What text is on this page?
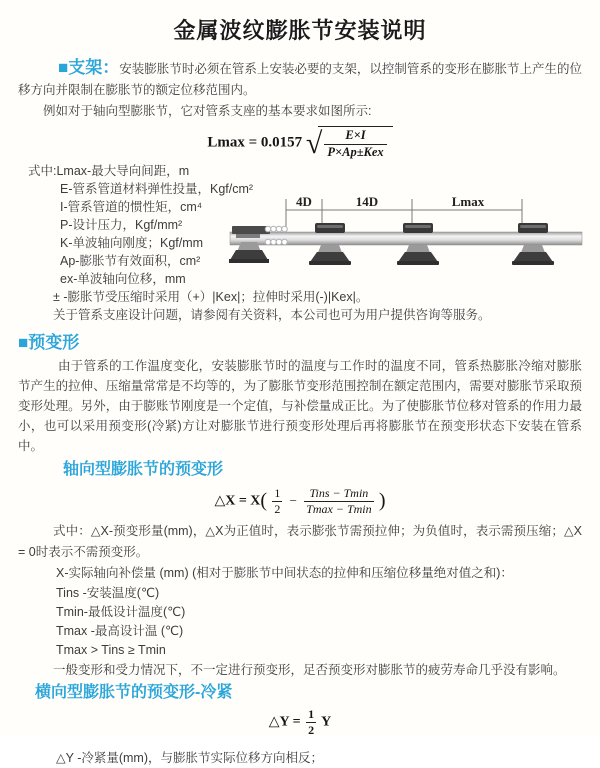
金属波纹膨胀节安装说明

■支架：安装膨胀节时必须在管系上安装必要的支架，以控制管系的变形在膨胀节上产生的位移方向并限制在膨胀节的额定位移范围内。

例如对于轴向型膨胀节，它对管系支座的基本要求如图所示:

Lmax = 0.0157 √ $\frac{E\times I}{\text{P×Ap±Kex}}$
式中:Lmax-最大导向间距，m
E-管系管道材料弹性投量，Kgf/cm²
I-管系管道的惯性矩，cm⁴
P-设计压力，Kgf/mm²
K-单波轴向刚度；Kgf/mm
Ap-膨胀节有效面积，cm²
ex-单波轴向位移，mm
± -膨胀节受压缩时采用（+）|Kex|；拉伸时采用(-)|Kex|。
关于管系支座设计问题，请参阅有关资料，本公司也可为用户提供咨询等服务。
4D	14D	Lmax
■预变形

由于管系的工作温度变化，安装膨胀节时的温度与工作时的温度不同，管系热膨胀冷缩对膨胀节产生的拉伸、压缩量常常是不均等的，为了膨胀节变形范围控制在额定范围内，需要对膨胀节采取预变形处理。另外，由于膨账节刚度是一个定值，与补偿量成正比。为了使膨胀节位移对管系的作用力最小，也可以采用预变形(冷紧)方让对膨胀节进行预变形处理后再将膨胀节在预变形状态下安装在管系中。

轴向型膨胀节的预变形
△X = $X( \frac{1}{2} - \frac{\text{Tins − Tmin}}{Tmax - Tmin}$ )

式中：△X-预变形量(mm)，△X为正值时，表示膨张节需预拉伸；为负值时，表示需预压缩；△X = 0时表示不需预变形。

X-实际轴向补偿量 (mm) (相对于膨胀节中间状态的拉伸和压缩位移量绝对值之和)：
Tins -安装温度(℃)
Tmin-最低设计温度(℃)
Tmax -最高设计温 (℃)
Tmax > Tins ≥ Tmin

一般变形和受力情况下，不一定进行预变形，足否预变形对膨胀节的疲劳寿命几乎没有影响。

横向型膨胀节的预变形-冷紧
△Y = $\frac{1}{2}$ Y
△Y -冷紧量(mm)，与膨胀节实际位移方向相反；
